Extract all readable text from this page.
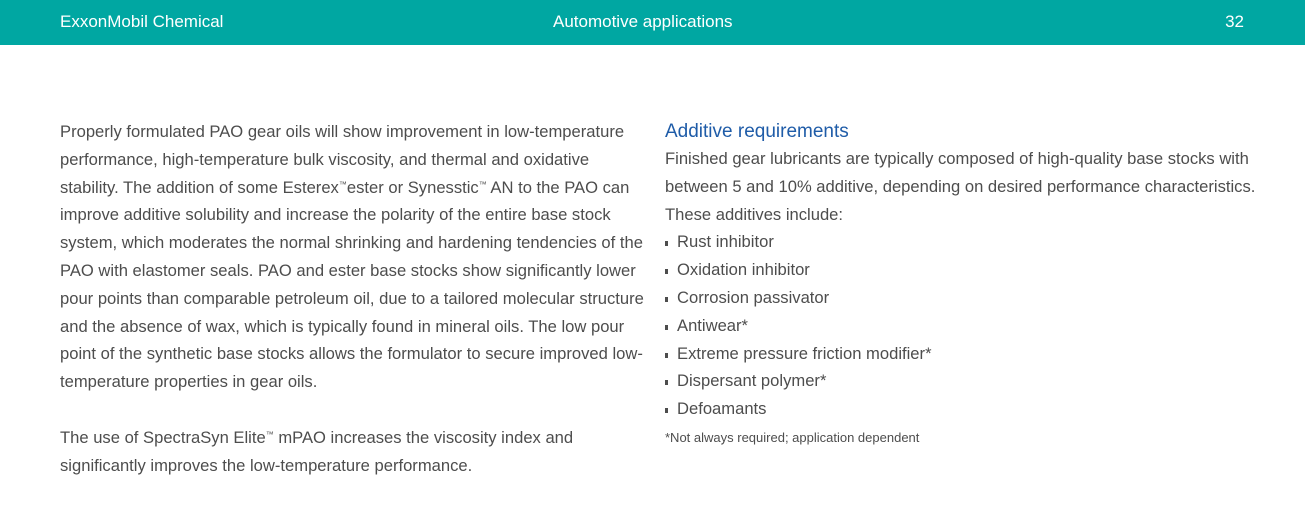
ExxonMobil Chemical	Automotive applications	32

Properly formulated PAO gear oils will show improvement in low-temperature performance, high-temperature bulk viscosity, and thermal and oxidative stability. The addition of some Esterex™ester or Synesstic™ AN to the PAO can improve additive solubility and increase the polarity of the entire base stock system, which moderates the normal shrinking and hardening tendencies of the PAO with elastomer seals. PAO and ester base stocks show significantly lower pour points than comparable petroleum oil, due to a tailored molecular structure and the absence of wax, which is typically found in mineral oils. The low pour point of the synthetic base stocks allows the formulator to secure improved low-temperature properties in gear oils.

The use of SpectraSyn Elite™ mPAO increases the viscosity index and significantly improves the low-temperature performance.

Additive requirements

Finished gear lubricants are typically composed of high-quality base stocks with between 5 and 10% additive, depending on desired performance characteristics. These additives include:

Rust inhibitor
Oxidation inhibitor
Corrosion passivator
Antiwear*
Extreme pressure friction modifier*
Dispersant polymer*
Defoamants

*Not always required; application dependent
